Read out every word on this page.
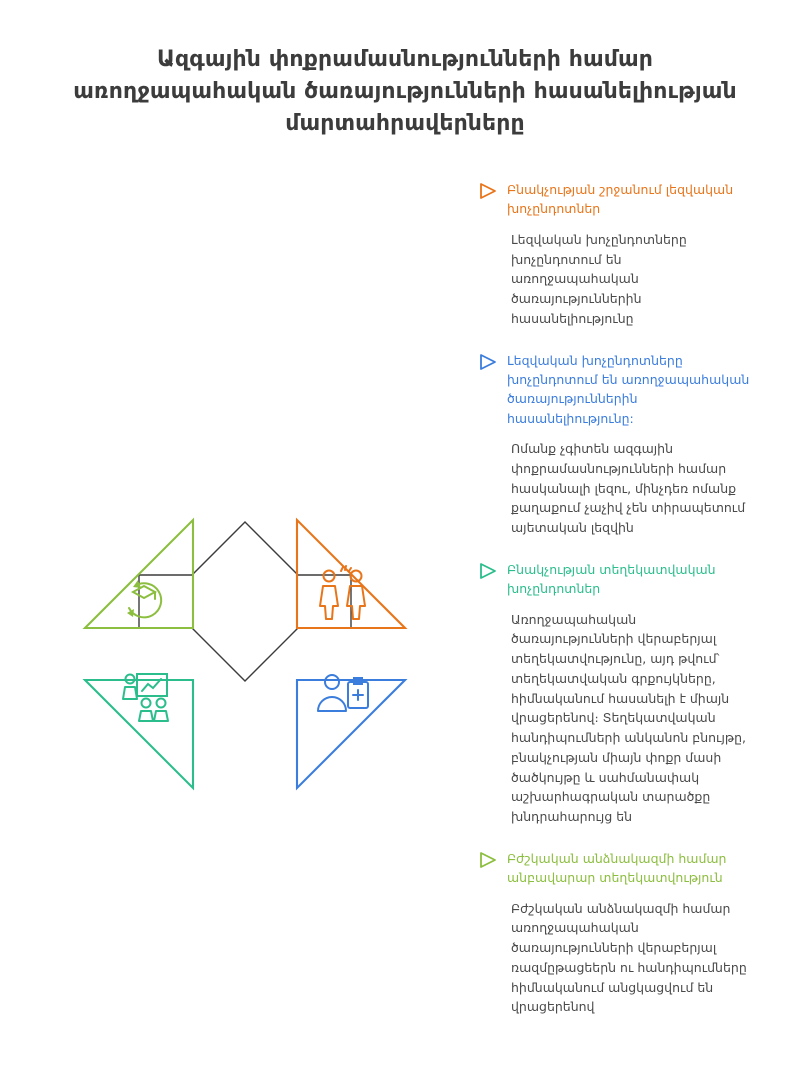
Ազգային փոքրամասնությունների համար առողջապահական ծառայությունների հասանելիության մարտահրավերները
Բնակչության շրջանում լեզվական խոչընդոտներ
Լեզվական խոչընդոտները խոչընդոտում են առողջապահական ծառայություններին հասանելիությունը
Լեզվական խոչընդոտները խոչընդոտում են առողջապահական ծառայություններին հասանելիությունը:
Ոմանք չգիտեն ազգային փոքրամասնությունների համար հասկանալի լեզու, մինչդեռ ոմանք քաղաքում չաչիվ չեն տիրապետում այետական լեզվին
Բնակչության տեղեկատվական խոչընդոտներ
Առողջապահական ծառայությունների վերաբերյալ տեղեկատվությունը, այդ թվում՝ տեղեկատվական գրքույկները, հիմնականում հասանելի է միայն վրացերենով։ Տեղեկատվական հանդիպումների անկանոն բնույթը, բնակչության միայն փոքր մասի ծածկույթը և սահմանափակ աշխարհագրական տարածքը խնդրահարույց են
Բժշկական անձնակազմի համար անբավարար տեղեկատվություն
Բժշկական անձնակազմի համար առողջապահական ծառայությունների վերաբերյալ ռազմըթացեերն ու հանդիպումները հիմնականում անցկացվում են վրացերենով
